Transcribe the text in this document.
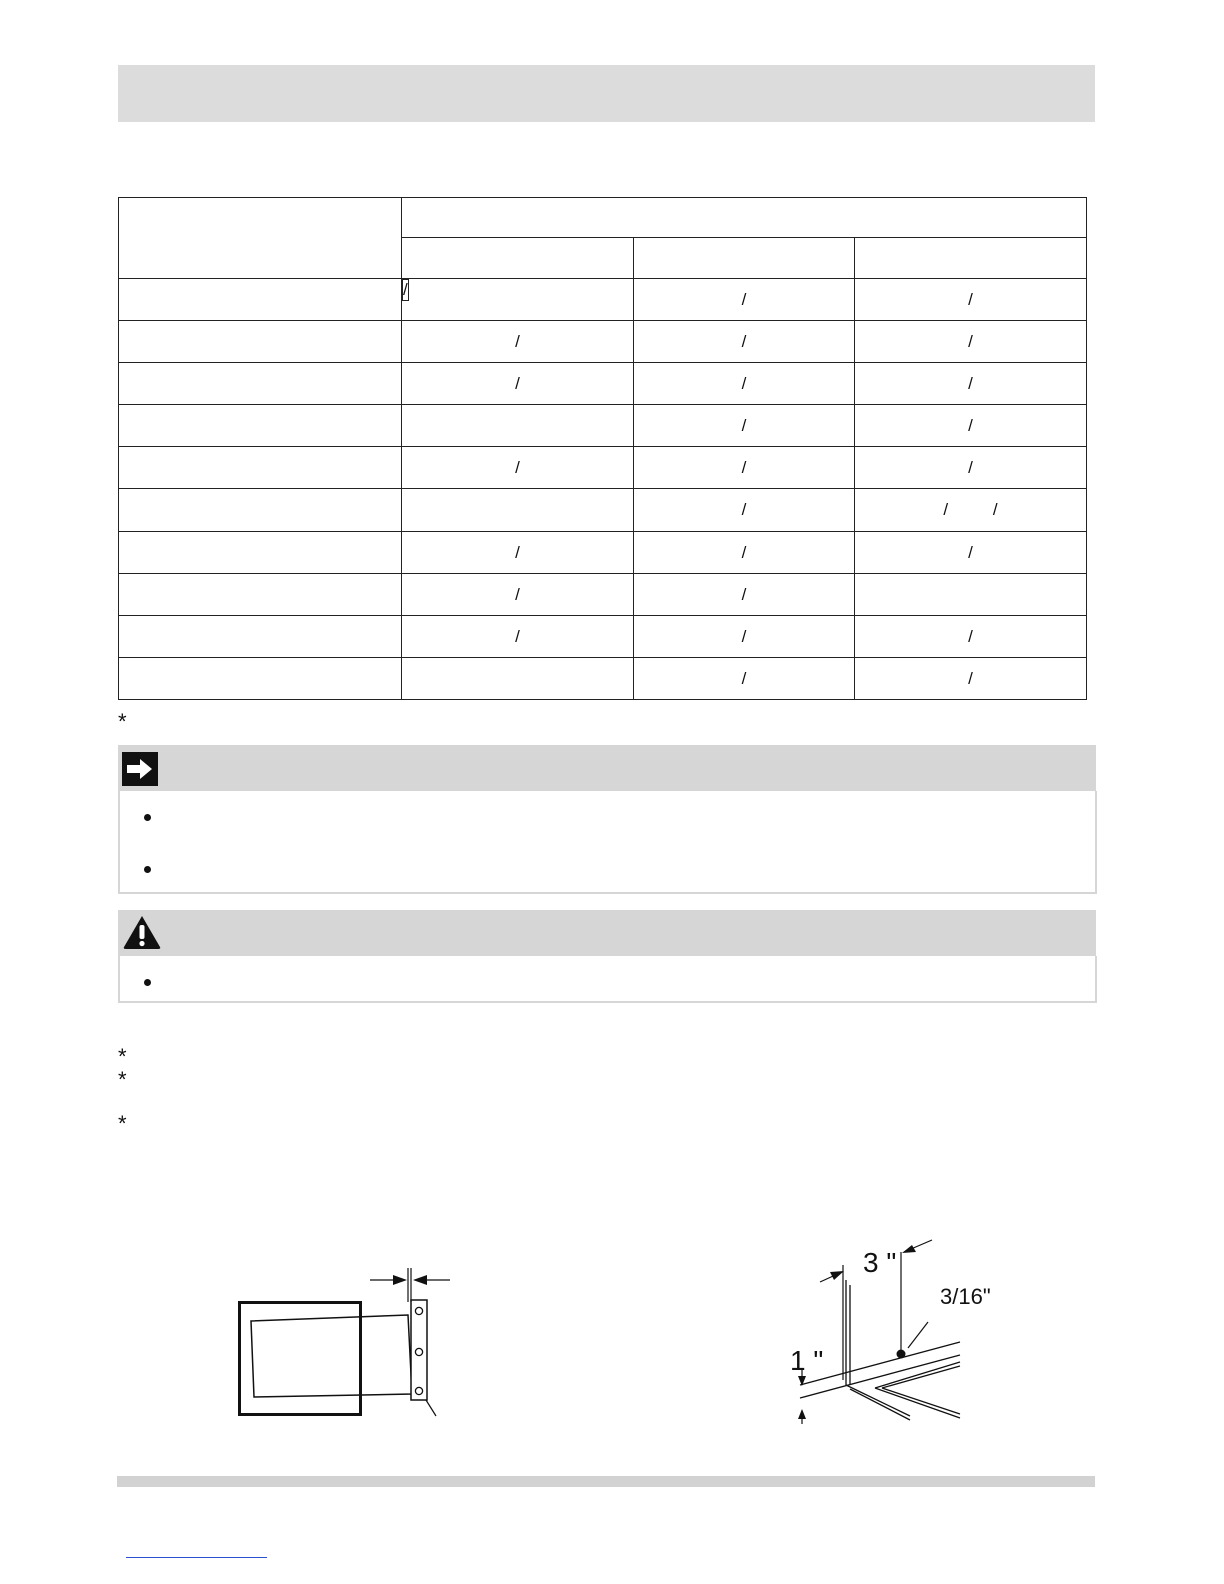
	/	/	/
	/	/	/
	/	/	/
		/	/
	/	/	/
		/	/ /
	/	/	/
	/	/	
	/	/	/
		/	/
*
*
*
*
3 "
3/16"
1 "
